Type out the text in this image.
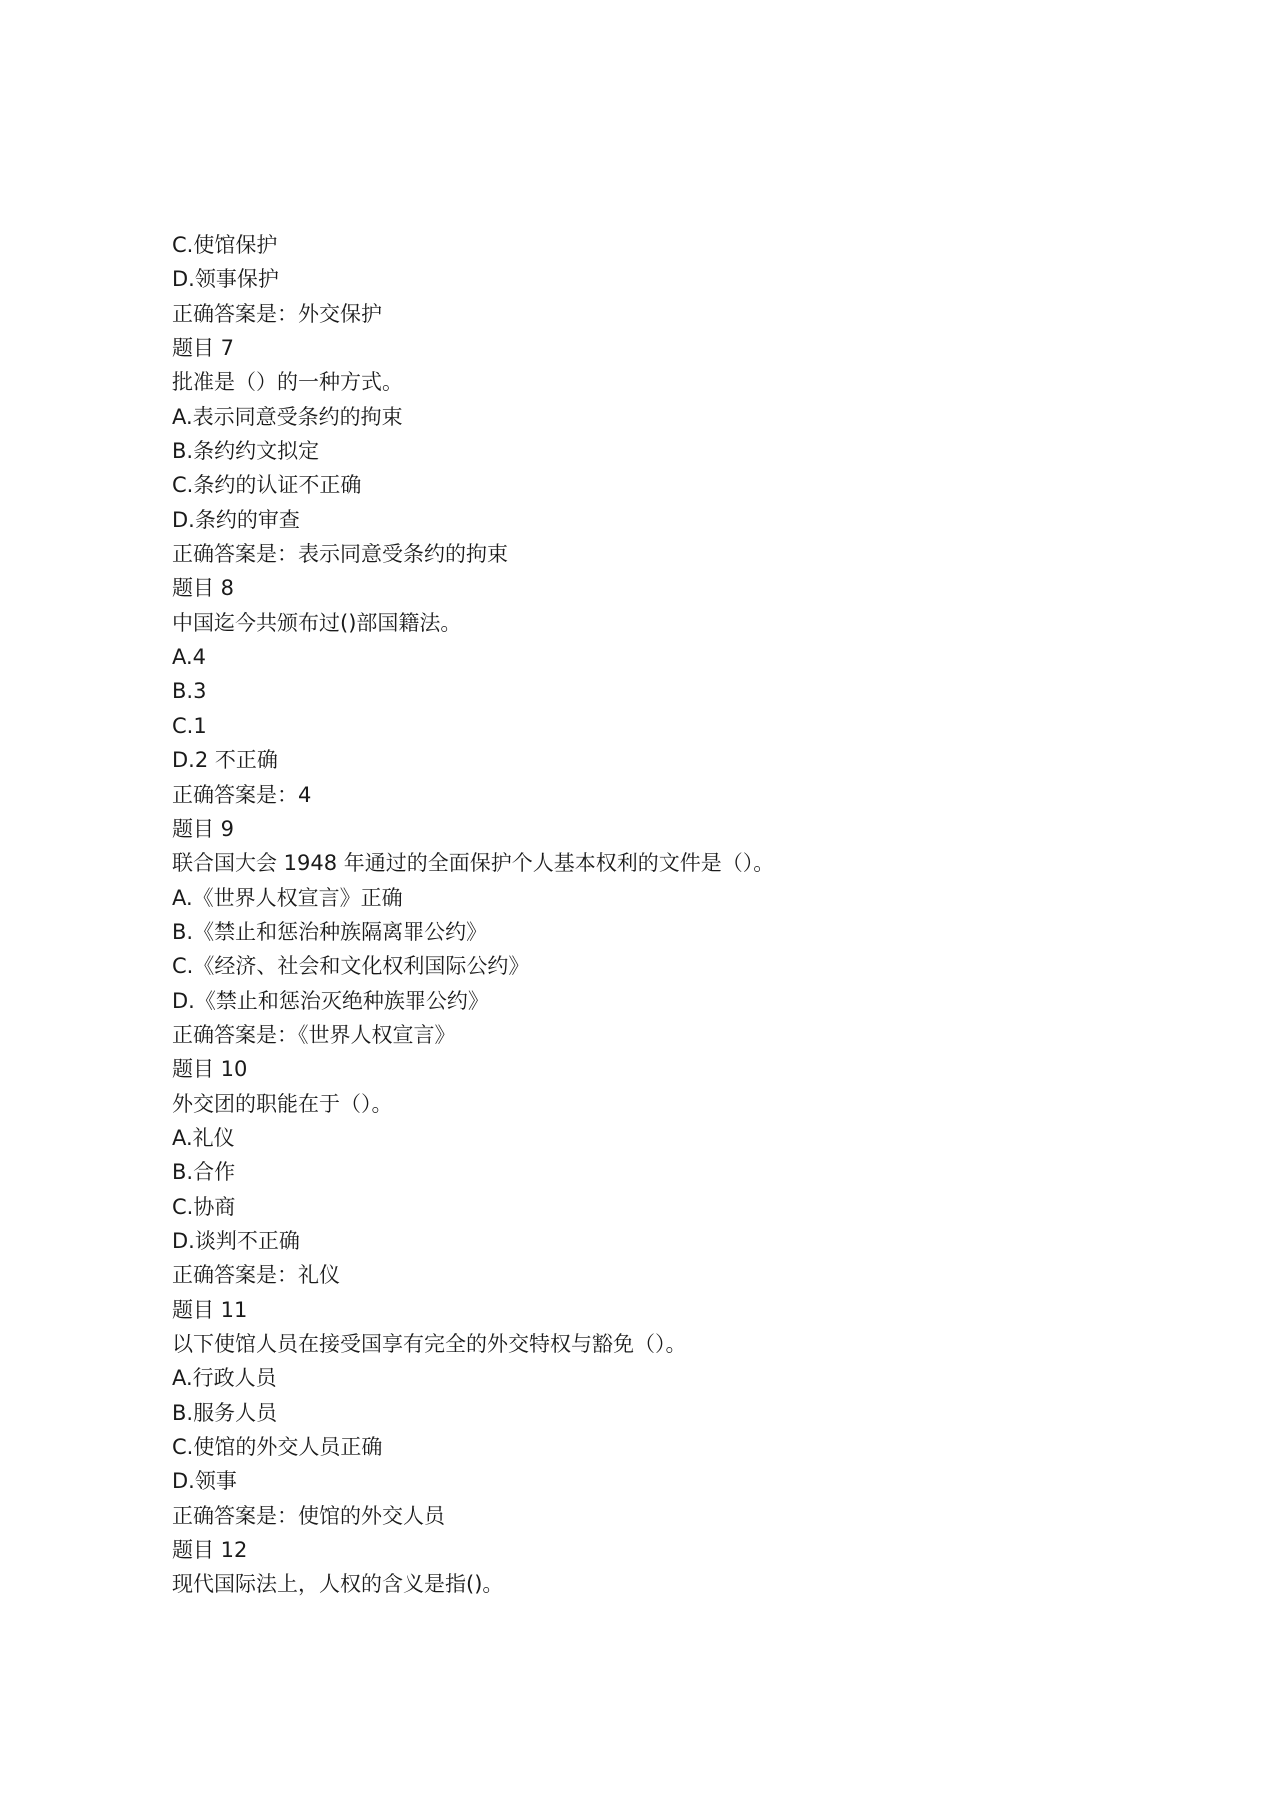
C.使馆保护
D.领事保护
正确答案是：外交保护
题目 7
批准是（）的一种方式。
A.表示同意受条约的拘束
B.条约约文拟定
C.条约的认证不正确
D.条约的审查
正确答案是：表示同意受条约的拘束
题目 8
中国迄今共颁布过()部国籍法。
A.4
B.3
C.1
D.2 不正确
正确答案是：4
题目 9
联合国大会 1948 年通过的全面保护个人基本权利的文件是（）。
A.《世界人权宣言》正确
B.《禁止和惩治种族隔离罪公约》
C.《经济、社会和文化权利国际公约》
D.《禁止和惩治灭绝种族罪公约》
正确答案是：《世界人权宣言》
题目 10
外交团的职能在于（）。
A.礼仪
B.合作
C.协商
D.谈判不正确
正确答案是：礼仪
题目 11
以下使馆人员在接受国享有完全的外交特权与豁免（）。
A.行政人员
B.服务人员
C.使馆的外交人员正确
D.领事
正确答案是：使馆的外交人员
题目 12
现代国际法上，人权的含义是指()。
